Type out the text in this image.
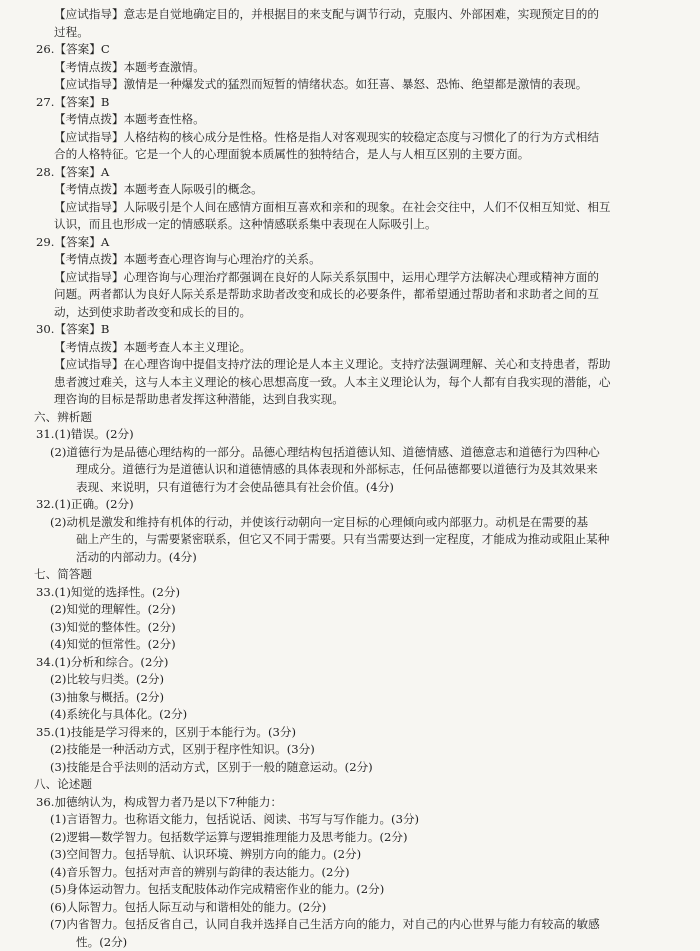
【应试指导】意志是自觉地确定目的，并根据目的来支配与调节行动，克服内、外部困难，实现预定目的的
过程。
26.【答案】C
【考情点拨】本题考查激情。
【应试指导】激情是一种爆发式的猛烈而短暂的情绪状态。如狂喜、暴怒、恐怖、绝望都是激情的表现。
27.【答案】B
【考情点拨】本题考查性格。
【应试指导】人格结构的核心成分是性格。性格是指人对客观现实的较稳定态度与习惯化了的行为方式相结
合的人格特征。它是一个人的心理面貌本质属性的独特结合，是人与人相互区别的主要方面。
28.【答案】A
【考情点拨】本题考查人际吸引的概念。
【应试指导】人际吸引是个人间在感情方面相互喜欢和亲和的现象。在社会交往中，人们不仅相互知觉、相互
认识，而且也形成一定的情感联系。这种情感联系集中表现在人际吸引上。
29.【答案】A
【考情点拨】本题考查心理咨询与心理治疗的关系。
【应试指导】心理咨询与心理治疗都强调在良好的人际关系氛围中，运用心理学方法解决心理或精神方面的
问题。两者都认为良好人际关系是帮助求助者改变和成长的必要条件，都希望通过帮助者和求助者之间的互
动，达到使求助者改变和成长的目的。
30.【答案】B
【考情点拨】本题考查人本主义理论。
【应试指导】在心理咨询中提倡支持疗法的理论是人本主义理论。支持疗法强调理解、关心和支持患者，帮助
患者渡过难关，这与人本主义理论的核心思想高度一致。人本主义理论认为，每个人都有自我实现的潜能，心
理咨询的目标是帮助患者发挥这种潜能，达到自我实现。
六、辨析题
31.(1)错误。(2分)
(2)道德行为是品德心理结构的一部分。品德心理结构包括道德认知、道德情感、道德意志和道德行为四种心
理成分。道德行为是道德认识和道德情感的具体表现和外部标志，任何品德都要以道德行为及其效果来
表现、来说明，只有道德行为才会使品德具有社会价值。(4分)
32.(1)正确。(2分)
(2)动机是激发和维持有机体的行动，并使该行动朝向一定目标的心理倾向或内部驱力。动机是在需要的基
础上产生的，与需要紧密联系，但它又不同于需要。只有当需要达到一定程度，才能成为推动或阻止某种
活动的内部动力。(4分)
七、简答题
33.(1)知觉的选择性。(2分)
(2)知觉的理解性。(2分)
(3)知觉的整体性。(2分)
(4)知觉的恒常性。(2分)
34.(1)分析和综合。(2分)
(2)比较与归类。(2分)
(3)抽象与概括。(2分)
(4)系统化与具体化。(2分)
35.(1)技能是学习得来的，区别于本能行为。(3分)
(2)技能是一种活动方式，区别于程序性知识。(3分)
(3)技能是合乎法则的活动方式，区别于一般的随意运动。(2分)
八、论述题
36.加德纳认为，构成智力者乃是以下7种能力：
(1)言语智力。也称语文能力，包括说话、阅读、书写与写作能力。(3分)
(2)逻辑—数学智力。包括数学运算与逻辑推理能力及思考能力。(2分)
(3)空间智力。包括导航、认识环境、辨别方向的能力。(2分)
(4)音乐智力。包括对声音的辨别与韵律的表达能力。(2分)
(5)身体运动智力。包括支配肢体动作完成精密作业的能力。(2分)
(6)人际智力。包括人际互动与和谐相处的能力。(2分)
(7)内省智力。包括反省自己，认同自我并选择自己生活方向的能力，对自己的内心世界与能力有较高的敏感
性。(2分)
